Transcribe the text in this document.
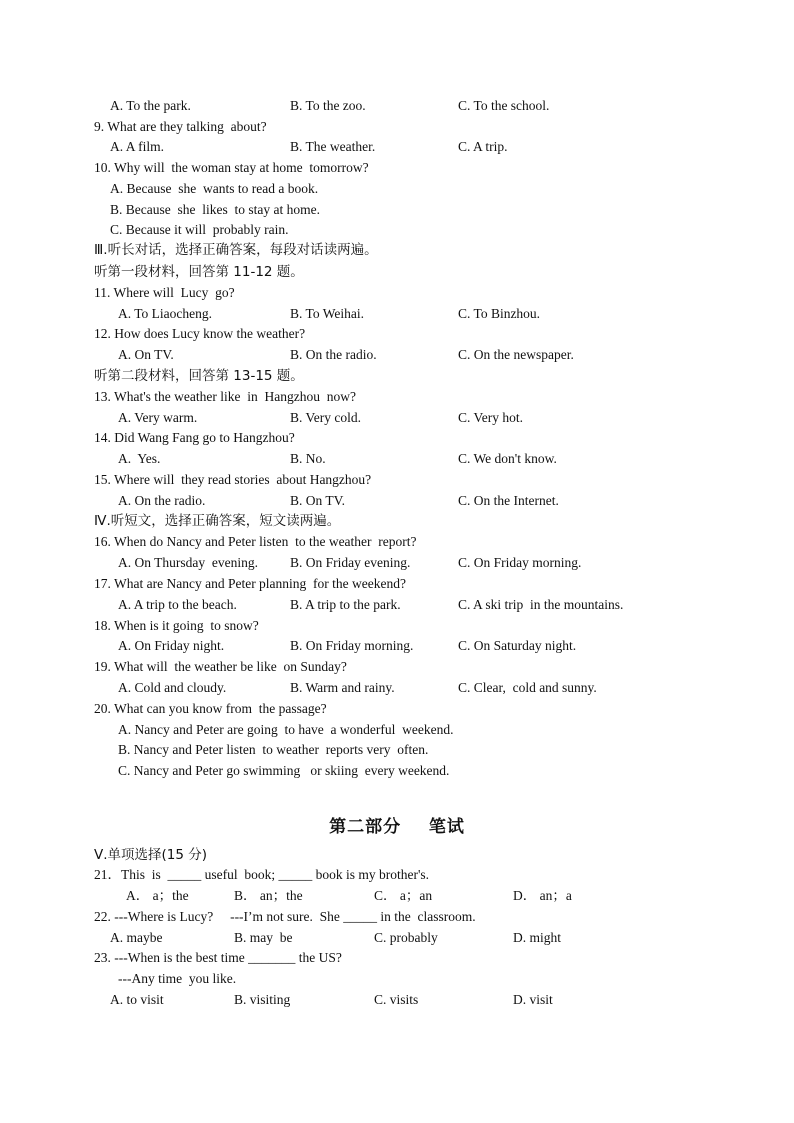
A. To the park.	B. To the zoo.	C. To the school.
9. What are they talking  about?
A. A film.	B. The weather.	C. A trip.
10. Why will  the woman stay at home  tomorrow?
A. Because  she  wants to read a book.
B. Because  she  likes  to stay at home.
C. Because it will  probably rain.
Ⅲ.听长对话，选择正确答案，每段对话读两遍。
听第一段材料，回答第 11-12 题。
11. Where will  Lucy  go?
A. To Liaocheng.	B. To Weihai.	C. To Binzhou.
12. How does Lucy know the weather?
A. On TV.	B. On the radio.	C. On the newspaper.
听第二段材料，回答第 13-15 题。
13. What's the weather like  in  Hangzhou  now?
A. Very warm.	B. Very cold.	C. Very hot.
14. Did Wang Fang go to Hangzhou?
A.  Yes.	B. No.	C. We don't know.
15. Where will  they read stories  about Hangzhou?
A. On the radio.	B. On TV.	C. On the Internet.
Ⅳ.听短文，选择正确答案，短文读两遍。
16. When do Nancy and Peter listen  to the weather  report?
A. On Thursday  evening. B. On Friday evening.	C. On Friday morning.
17. What are Nancy and Peter planning  for the weekend?
A. A trip to the beach.	B. A trip to the park.	C. A ski trip  in the mountains.
18. When is it going  to snow?
A. On Friday night.	B. On Friday morning.	C. On Saturday night.
19. What will  the weather be like  on Sunday?
A. Cold and cloudy.	B. Warm and rainy.	C. Clear,  cold and sunny.
20. What can you know from  the passage?
A. Nancy and Peter are going  to have  a wonderful  weekend.
B. Nancy and Peter listen  to weather  reports very  often.
C. Nancy and Peter go swimming   or skiing  every weekend.
第二部分    笔试
Ⅴ.单项选择(15 分)
21．This  is  _____ useful  book; _____ book is my brother's.
A． a；the	B． an；the	C． a；an	D． an；a
22. ---Where is Lucy?     ---I’m not sure.  She _____ in the  classroom.
A. maybe	B. may  be	C. probably	D. might
23. ---When is the best time _______ the US?
---Any time  you like.
A. to visit	B. visiting	C. visits	D. visit
